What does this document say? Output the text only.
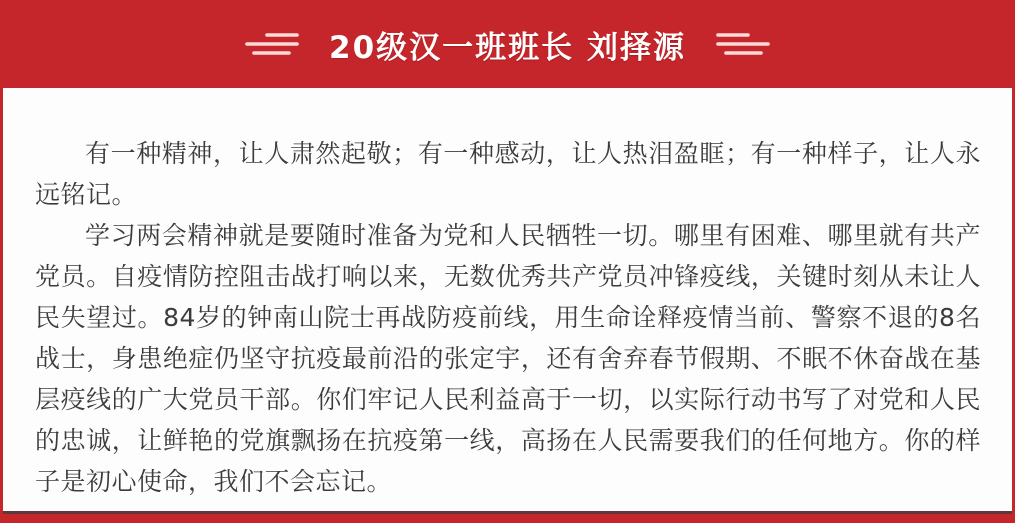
20级汉一班班长 刘择源

有一种精神，让人肃然起敬；有一种感动，让人热泪盈眶；有一种样子，让人永远铭记。

学习两会精神就是要随时准备为党和人民牺牲一切。哪里有困难、哪里就有共产党员。自疫情防控阻击战打响以来，无数优秀共产党员冲锋疫线，关键时刻从未让人民失望过。84岁的钟南山院士再战防疫前线，用生命诠释疫情当前、警察不退的8名战士，身患绝症仍坚守抗疫最前沿的张定宇，还有舍弃春节假期、不眠不休奋战在基层疫线的广大党员干部。你们牢记人民利益高于一切，以实际行动书写了对党和人民的忠诚，让鲜艳的党旗飘扬在抗疫第一线，高扬在人民需要我们的任何地方。你的样子是初心使命，我们不会忘记。
